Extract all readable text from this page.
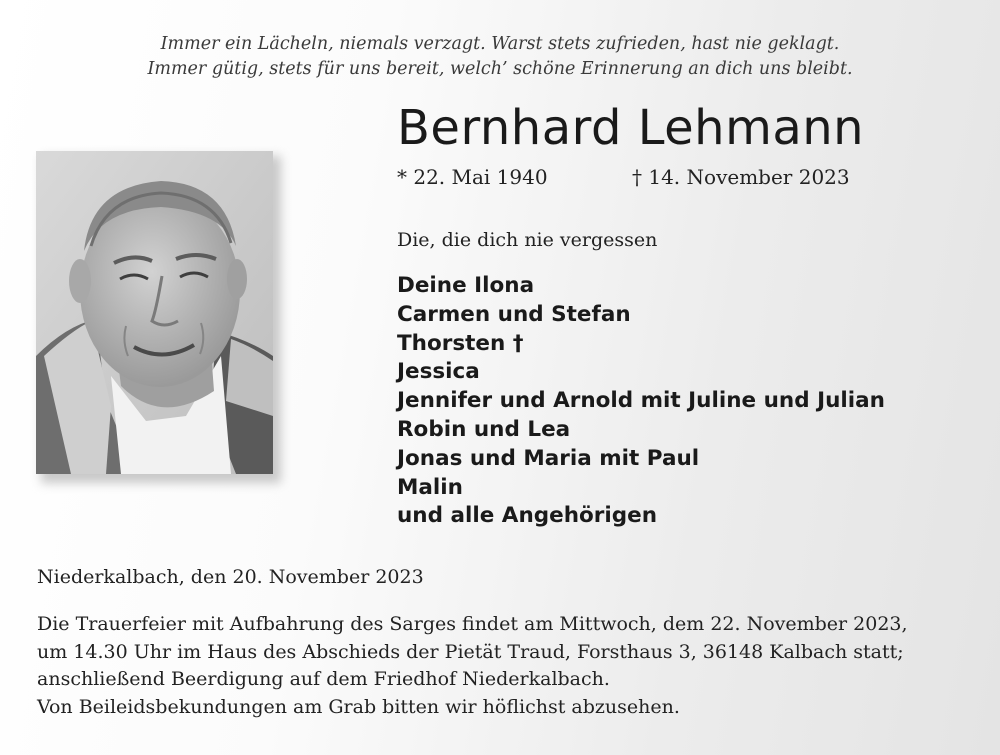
Immer ein Lächeln, niemals verzagt. Warst stets zufrieden, hast nie geklagt.
Immer gütig, stets für uns bereit, welch’ schöne Erinnerung an dich uns bleibt.
Bernhard Lehmann
* 22. Mai 1940	† 14. November 2023
Die, die dich nie vergessen
Deine Ilona
Carmen und Stefan
Thorsten †
Jessica
Jennifer und Arnold mit Juline und Julian
Robin und Lea
Jonas und Maria mit Paul
Malin
und alle Angehörigen
Niederkalbach, den 20. November 2023
Die Trauerfeier mit Aufbahrung des Sarges findet am Mittwoch, dem 22. November 2023,
um 14.30 Uhr im Haus des Abschieds der Pietät Traud, Forsthaus 3, 36148 Kalbach statt;
anschließend Beerdigung auf dem Friedhof Niederkalbach.
Von Beileidsbekundungen am Grab bitten wir höflichst abzusehen.
